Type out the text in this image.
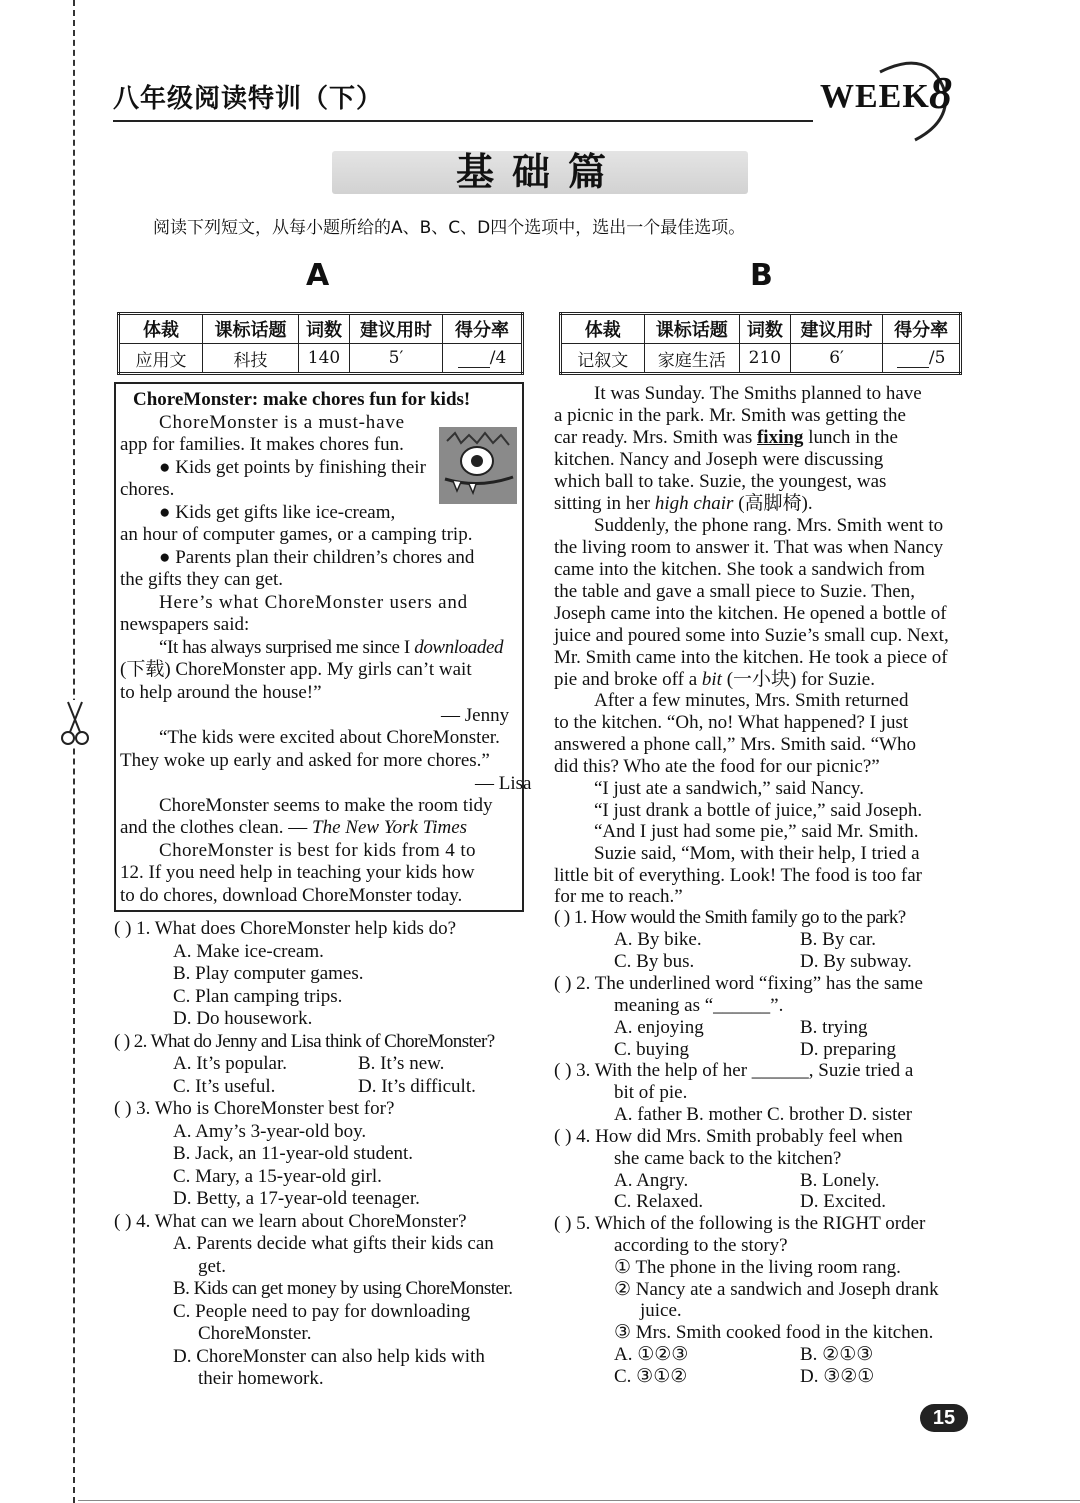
八年级阅读特训（下）	WEEK 8
基础篇
阅读下列短文，从每小题所给的A、B、C、D四个选项中，选出一个最佳选项。
A	B
体裁	课标话题	词数	建议用时	得分率
应用文	科技	140	5′	/4
体裁	课标话题	词数	建议用时	得分率
记叙文	家庭生活	210	6′	/5
ChoreMonster: make chores fun for kids!
ChoreMonster is a must-have
app for families. It makes chores fun.
● Kids get points by finishing their
chores.
● Kids get gifts like ice-cream,
an hour of computer games, or a camping trip.
● Parents plan their children’s chores and
the gifts they can get.
Here’s what ChoreMonster users and
newspapers said:
“It has always surprised me since I downloaded
(下载) ChoreMonster app. My girls can’t wait
to help around the house!”
— Jenny
“The kids were excited about ChoreMonster.
They woke up early and asked for more chores.”
— Lisa
ChoreMonster seems to make the room tidy
and the clothes clean. — The New York Times
ChoreMonster is best for kids from 4 to
12. If you need help in teaching your kids how
to do chores, download ChoreMonster today.
( ) 1. What does ChoreMonster help kids do?
A. Make ice-cream.
B. Play computer games.
C. Plan camping trips.
D. Do housework.
( ) 2. What do Jenny and Lisa think of ChoreMonster?
A. It’s popular.	B. It’s new.
C. It’s useful.	D. It’s difficult.
( ) 3. Who is ChoreMonster best for?
A. Amy’s 3-year-old boy.
B. Jack, an 11-year-old student.
C. Mary, a 15-year-old girl.
D. Betty, a 17-year-old teenager.
( ) 4. What can we learn about ChoreMonster?
A. Parents decide what gifts their kids can
get.
B. Kids can get money by using ChoreMonster.
C. People need to pay for downloading
ChoreMonster.
D. ChoreMonster can also help kids with
their homework.
It was Sunday. The Smiths planned to have
a picnic in the park. Mr. Smith was getting the
car ready. Mrs. Smith was fixing lunch in the
kitchen. Nancy and Joseph were discussing
which ball to take. Suzie, the youngest, was
sitting in her high chair (高脚椅).
Suddenly, the phone rang. Mrs. Smith went to
the living room to answer it. That was when Nancy
came into the kitchen. She took a sandwich from
the table and gave a small piece to Suzie. Then,
Joseph came into the kitchen. He opened a bottle of
juice and poured some into Suzie’s small cup. Next,
Mr. Smith came into the kitchen. He took a piece of
pie and broke off a bit (一小块) for Suzie.
After a few minutes, Mrs. Smith returned
to the kitchen. “Oh, no! What happened? I just
answered a phone call,” Mrs. Smith said. “Who
did this? Who ate the food for our picnic?”
“I just ate a sandwich,” said Nancy.
“I just drank a bottle of juice,” said Joseph.
“And I just had some pie,” said Mr. Smith.
Suzie said, “Mom, with their help, I tried a
little bit of everything. Look! The food is too far
for me to reach.”
( ) 1. How would the Smith family go to the park?
A. By bike.	B. By car.
C. By bus.	D. By subway.
( ) 2. The underlined word “fixing” has the same
meaning as “______”.
A. enjoying	B. trying
C. buying	D. preparing
( ) 3. With the help of her ______, Suzie tried a
bit of pie.
A. father B. mother C. brother D. sister
( ) 4. How did Mrs. Smith probably feel when
she came back to the kitchen?
A. Angry.	B. Lonely.
C. Relaxed.	D. Excited.
( ) 5. Which of the following is the RIGHT order
according to the story?
① The phone in the living room rang.
② Nancy ate a sandwich and Joseph drank
juice.
③ Mrs. Smith cooked food in the kitchen.
A. ①②③	B. ②①③
C. ③①②	D. ③②①
15
